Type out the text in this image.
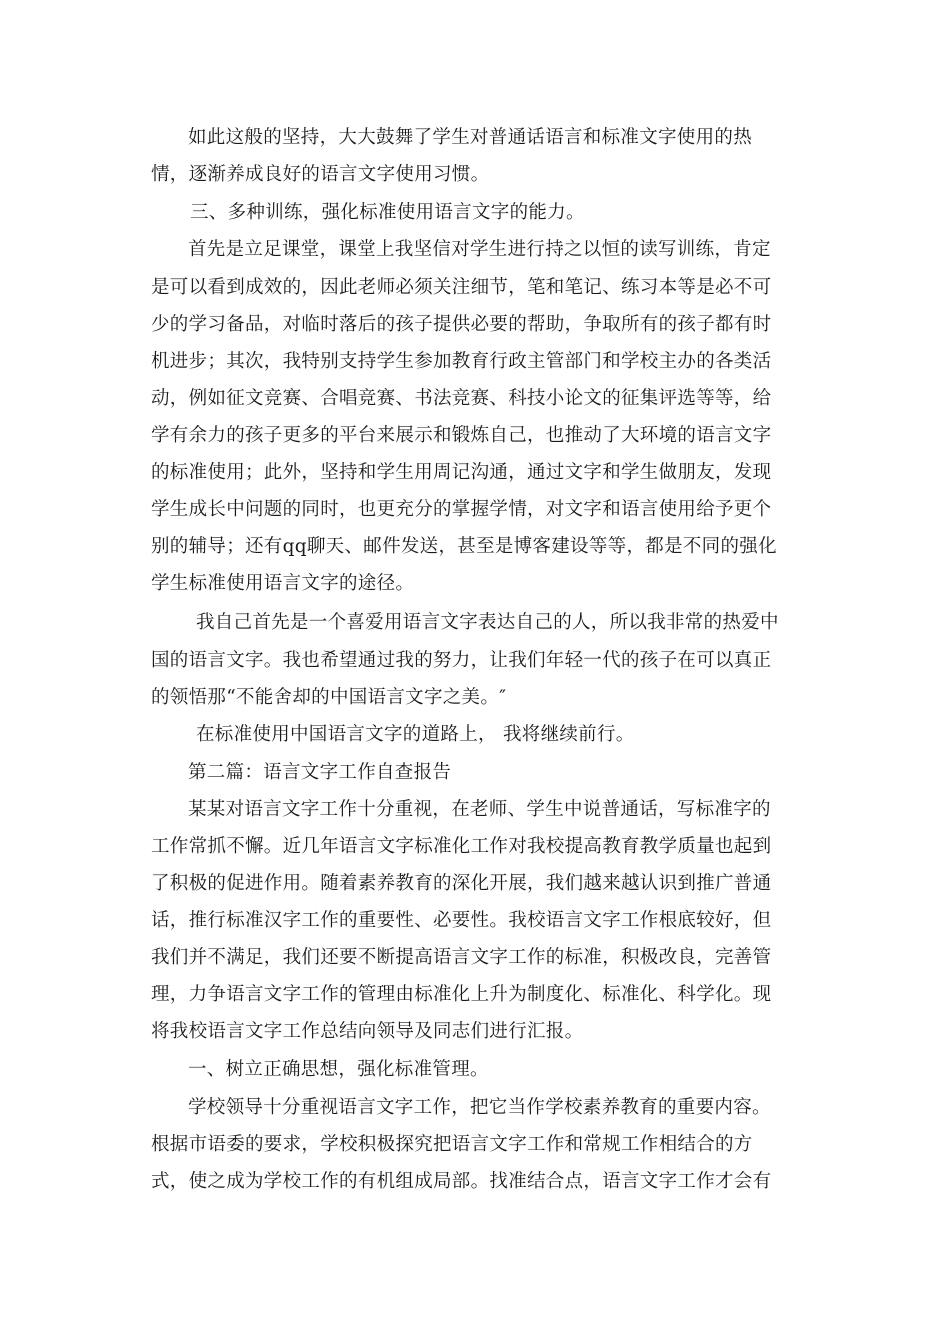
如此这般的坚持，大大鼓舞了学生对普通话语言和标准文字使用的热

情，逐渐养成良好的语言文字使用习惯。

三、多种训练，强化标准使用语言文字的能力。

首先是立足课堂，课堂上我坚信对学生进行持之以恒的读写训练，肯定

是可以看到成效的，因此老师必须关注细节，笔和笔记、练习本等是必不可

少的学习备品，对临时落后的孩子提供必要的帮助，争取所有的孩子都有时

机进步；其次，我特别支持学生参加教育行政主管部门和学校主办的各类活

动，例如征文竞赛、合唱竞赛、书法竞赛、科技小论文的征集评选等等，给

学有余力的孩子更多的平台来展示和锻炼自己，也推动了大环境的语言文字

的标准使用；此外，坚持和学生用周记沟通，通过文字和学生做朋友，发现

学生成长中问题的同时，也更充分的掌握学情，对文字和语言使用给予更个

别的辅导；还有qq聊天、邮件发送，甚至是博客建设等等，都是不同的强化

学生标准使用语言文字的途径。

我自己首先是一个喜爱用语言文字表达自己的人，所以我非常的热爱中

国的语言文字。我也希望通过我的努力，让我们年轻一代的孩子在可以真正

的领悟那“不能舍却的中国语言文字之美。″

在标准使用中国语言文字的道路上， 我将继续前行。

第二篇：语言文字工作自查报告

某某对语言文字工作十分重视，在老师、学生中说普通话，写标准字的

工作常抓不懈。近几年语言文字标准化工作对我校提高教育教学质量也起到

了积极的促进作用。随着素养教育的深化开展，我们越来越认识到推广普通

话，推行标准汉字工作的重要性、必要性。我校语言文字工作根底较好，但

我们并不满足，我们还要不断提高语言文字工作的标准，积极改良，完善管

理，力争语言文字工作的管理由标准化上升为制度化、标准化、科学化。现

将我校语言文字工作总结向领导及同志们进行汇报。

一、树立正确思想，强化标准管理。

学校领导十分重视语言文字工作，把它当作学校素养教育的重要内容。

根据市语委的要求，学校积极探究把语言文字工作和常规工作相结合的方

式，使之成为学校工作的有机组成局部。找准结合点，语言文字工作才会有
